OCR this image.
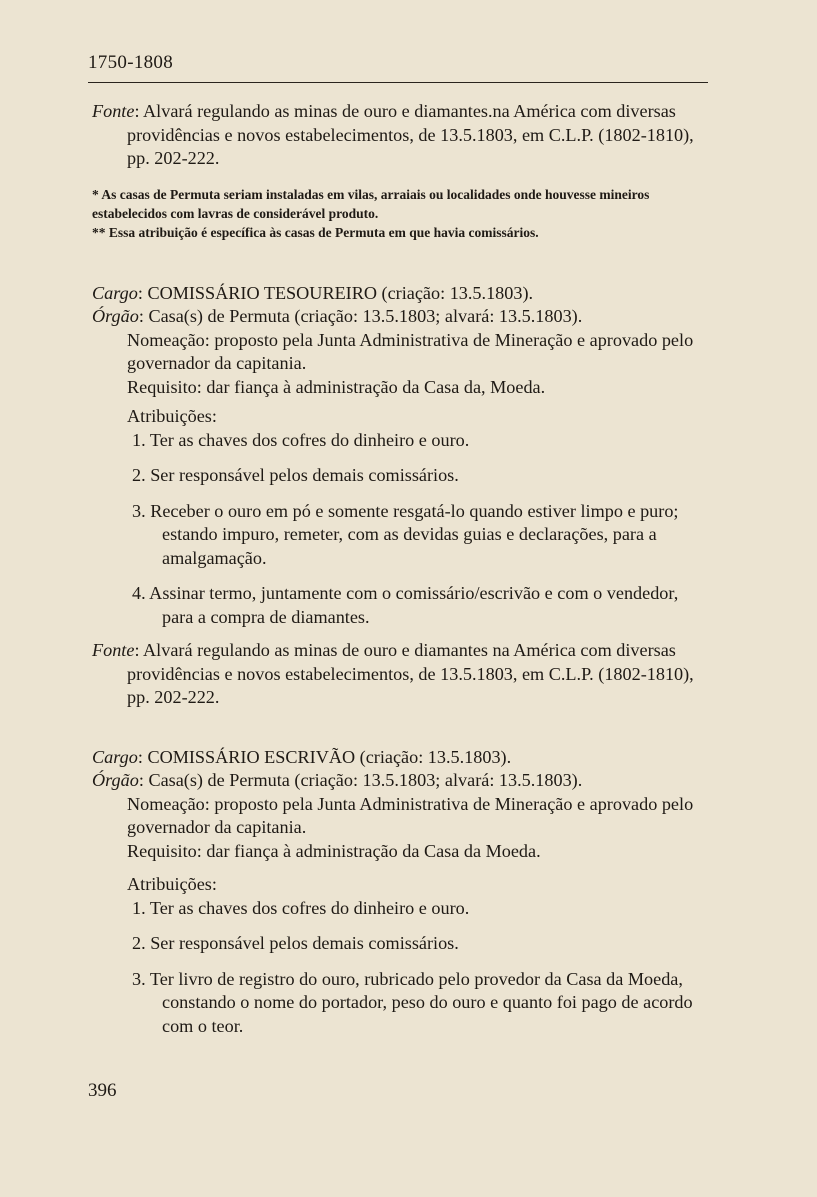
1750-1808

Fonte: Alvará regulando as minas de ouro e diamantes.na América com diversas providências e novos estabelecimentos, de 13.5.1803, em C.L.P. (1802-1810), pp. 202-222.

* As casas de Permuta seriam instaladas em vilas, arraiais ou localidades onde houvesse mineiros estabelecidos com lavras de considerável produto.

** Essa atribuição é específica às casas de Permuta em que havia comissários.

Cargo: COMISSÁRIO TESOUREIRO (criação: 13.5.1803).

Órgão: Casa(s) de Permuta (criação: 13.5.1803; alvará: 13.5.1803).

Nomeação: proposto pela Junta Administrativa de Mineração e aprovado pelo governador da capitania.

Requisito: dar fiança à administração da Casa da, Moeda.

Atribuições:

1. Ter as chaves dos cofres do dinheiro e ouro.

2. Ser responsável pelos demais comissários.

3. Receber o ouro em pó e somente resgatá-lo quando estiver limpo e puro; estando impuro, remeter, com as devidas guias e declarações, para a amalgamação.

4. Assinar termo, juntamente com o comissário/escrivão e com o vendedor, para a compra de diamantes.

Fonte: Alvará regulando as minas de ouro e diamantes na América com diversas providências e novos estabelecimentos, de 13.5.1803, em C.L.P. (1802-1810), pp. 202-222.

Cargo: COMISSÁRIO ESCRIVÃO (criação: 13.5.1803).

Órgão: Casa(s) de Permuta (criação: 13.5.1803; alvará: 13.5.1803).

Nomeação: proposto pela Junta Administrativa de Mineração e aprovado pelo governador da capitania.

Requisito: dar fiança à administração da Casa da Moeda.

Atribuições:

1. Ter as chaves dos cofres do dinheiro e ouro.

2. Ser responsável pelos demais comissários.

3. Ter livro de registro do ouro, rubricado pelo provedor da Casa da Moeda, constando o nome do portador, peso do ouro e quanto foi pago de acordo com o teor.

396
